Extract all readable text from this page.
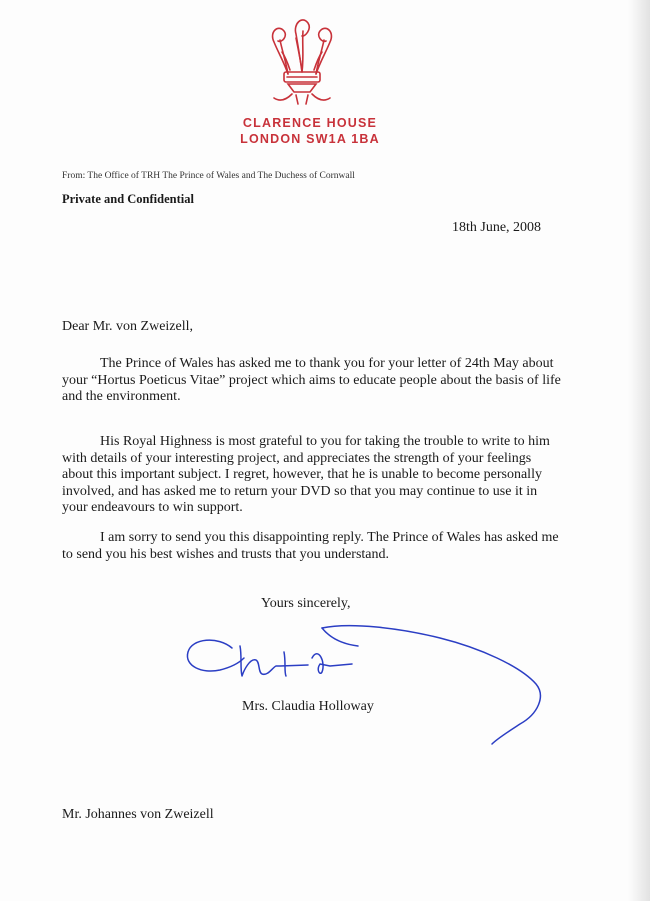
CLARENCE HOUSE
LONDON SW1A 1BA
From: The Office of TRH The Prince of Wales and The Duchess of Cornwall
Private and Confidential
18th June, 2008
Dear Mr. von Zweizell,

The Prince of Wales has asked me to thank you for your letter of 24th May about your “Hortus Poeticus Vitae” project which aims to educate people about the basis of life and the environment.

His Royal Highness is most grateful to you for taking the trouble to write to him with details of your interesting project, and appreciates the strength of your feelings about this important subject. I regret, however, that he is unable to become personally involved, and has asked me to return your DVD so that you may continue to use it in your endeavours to win support.

I am sorry to send you this disappointing reply. The Prince of Wales has asked me to send you his best wishes and trusts that you understand.

Yours sincerely,
Mrs. Claudia Holloway
Mr. Johannes von Zweizell
